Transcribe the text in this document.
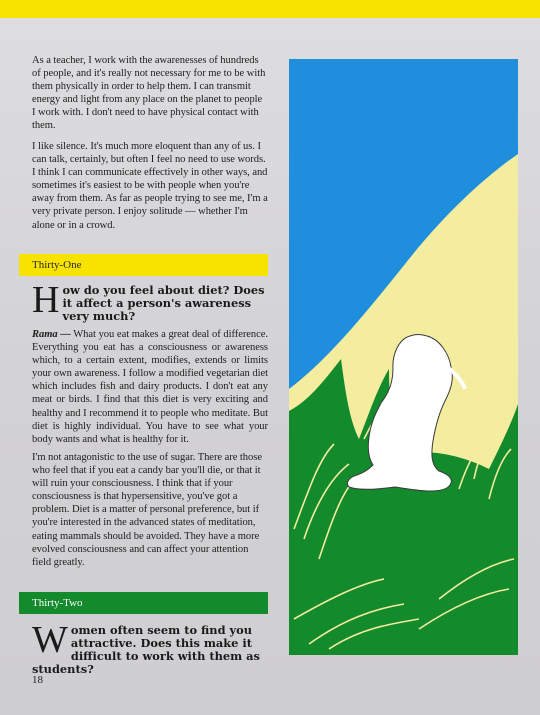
As a teacher, I work with the awarenesses of hundreds of people, and it's really not necessary for me to be with them physically in order to help them. I can transmit energy and light from any place on the planet to people I work with. I don't need to have physical contact with them.

I like silence. It's much more eloquent than any of us. I can talk, certainly, but often I feel no need to use words. I think I can communicate effectively in other ways, and sometimes it's easiest to be with people when you're away from them. As far as people trying to see me, I'm a very private person. I enjoy solitude — whether I'm alone or in a crowd.

Thirty-One
How do you feel about diet? Does it affect a person's awareness very much?

Rama — What you eat makes a great deal of difference. Everything you eat has a consciousness or awareness which, to a certain extent, modifies, extends or limits your own awareness. I follow a modified vegetarian diet which includes fish and dairy products. I don't eat any meat or birds. I find that this diet is very exciting and healthy and I recommend it to people who meditate. But diet is highly individual. You have to see what your body wants and what is healthy for it.

I'm not antagonistic to the use of sugar. There are those who feel that if you eat a candy bar you'll die, or that it will ruin your consciousness. I think that if your consciousness is that hypersensitive, you've got a problem. Diet is a matter of personal preference, but if you're interested in the advanced states of meditation, eating mammals should be avoided. They have a more evolved consciousness and can affect your attention field greatly.

Thirty-Two
Women often seem to find you attractive. Does this make it difficult to work with them as students?
18
